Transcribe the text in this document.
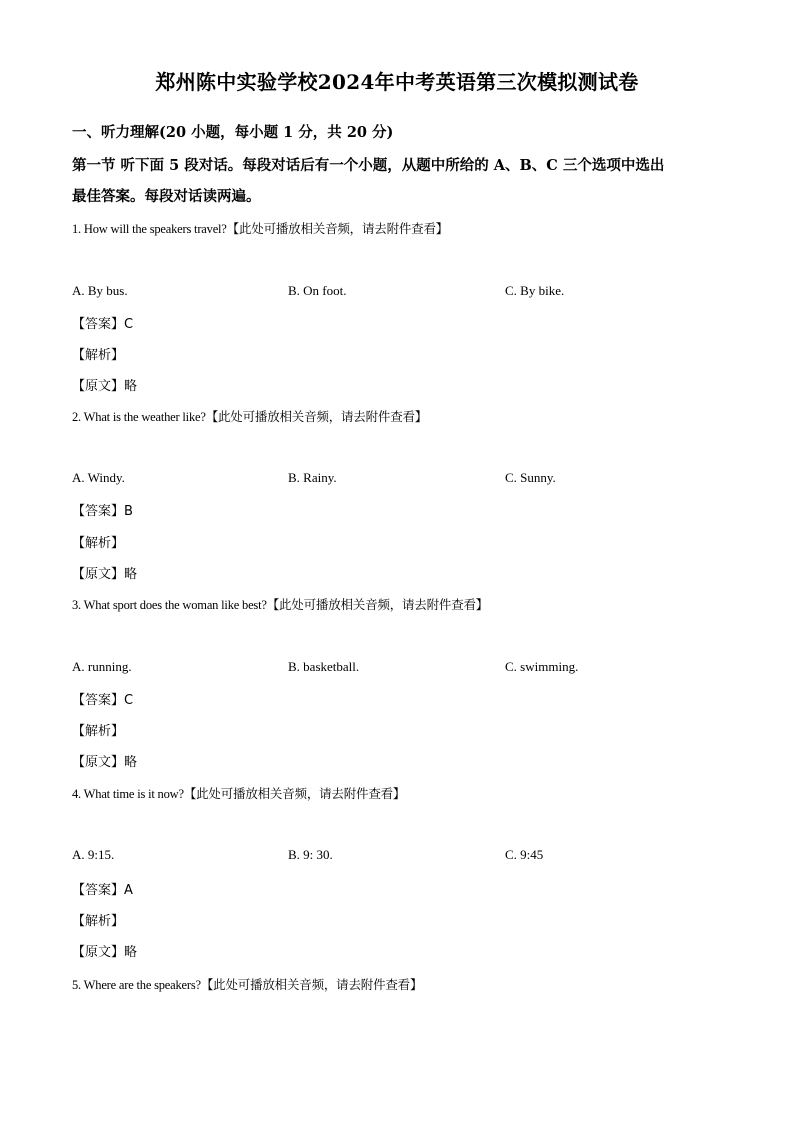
郑州陈中实验学校2024年中考英语第三次模拟测试卷
一、听力理解(20 小题，每小题 1 分，共 20 分)
第一节 听下面 5 段对话。每段对话后有一个小题，从题中所给的 A、B、C 三个选项中选出
最佳答案。每段对话读两遍。
1. How will the speakers travel?【此处可播放相关音频，请去附件查看】
A. By bus.	B. On foot.	C. By bike.
【答案】C
【解析】
【原文】略
2. What is the weather like?【此处可播放相关音频，请去附件查看】
A. Windy.	B. Rainy.	C. Sunny.
【答案】B
【解析】
【原文】略
3. What sport does the woman like best?【此处可播放相关音频，请去附件查看】
A. running.	B. basketball.	C. swimming.
【答案】C
【解析】
【原文】略
4. What time is it now?【此处可播放相关音频，请去附件查看】
A. 9:15.	B. 9: 30.	C. 9:45
【答案】A
【解析】
【原文】略
5. Where are the speakers?【此处可播放相关音频，请去附件查看】
